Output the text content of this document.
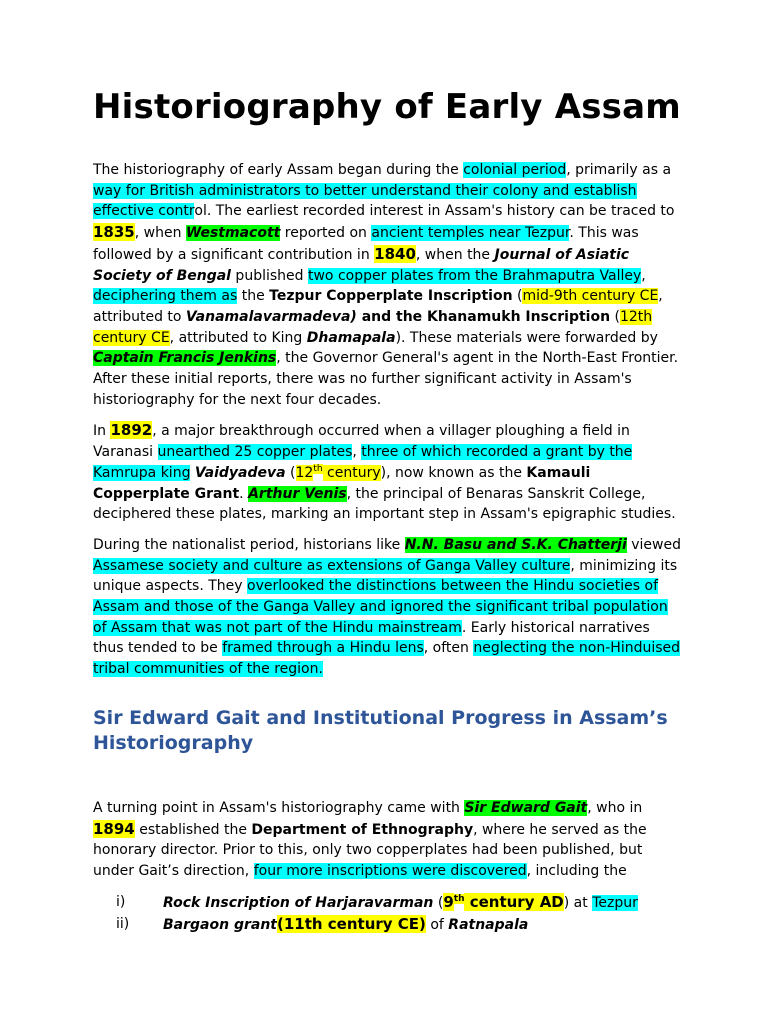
Historiography of Early Assam

The historiography of early Assam began during the colonial period, primarily as a way for British administrators to better understand their colony and establish effective control. The earliest recorded interest in Assam's history can be traced to 1835, when Westmacott reported on ancient temples near Tezpur. This was followed by a significant contribution in 1840, when the Journal of Asiatic Society of Bengal published two copper plates from the Brahmaputra Valley, deciphering them as the Tezpur Copperplate Inscription (mid-9th century CE, attributed to Vanamalavarmadeva) and the Khanamukh Inscription (12th century CE, attributed to King Dhamapala). These materials were forwarded by Captain Francis Jenkins, the Governor General's agent in the North-East Frontier. After these initial reports, there was no further significant activity in Assam's historiography for the next four decades.

In 1892, a major breakthrough occurred when a villager ploughing a field in Varanasi unearthed 25 copper plates, three of which recorded a grant by the Kamrupa king Vaidyadeva (12th century), now known as the Kamauli Copperplate Grant. Arthur Venis, the principal of Benaras Sanskrit College, deciphered these plates, marking an important step in Assam's epigraphic studies.

During the nationalist period, historians like N.N. Basu and S.K. Chatterji viewed Assamese society and culture as extensions of Ganga Valley culture, minimizing its unique aspects. They overlooked the distinctions between the Hindu societies of Assam and those of the Ganga Valley and ignored the significant tribal population of Assam that was not part of the Hindu mainstream. Early historical narratives thus tended to be framed through a Hindu lens, often neglecting the non-Hinduised tribal communities of the region.

Sir Edward Gait and Institutional Progress in Assam’s Historiography

A turning point in Assam's historiography came with Sir Edward Gait, who in 1894 established the Department of Ethnography, where he served as the honorary director. Prior to this, only two copperplates had been published, but under Gait’s direction, four more inscriptions were discovered, including the

i)	Rock Inscription of Harjaravarman (9th century AD) at Tezpur
ii) Bargaon grant(11th century CE) of Ratnapala
